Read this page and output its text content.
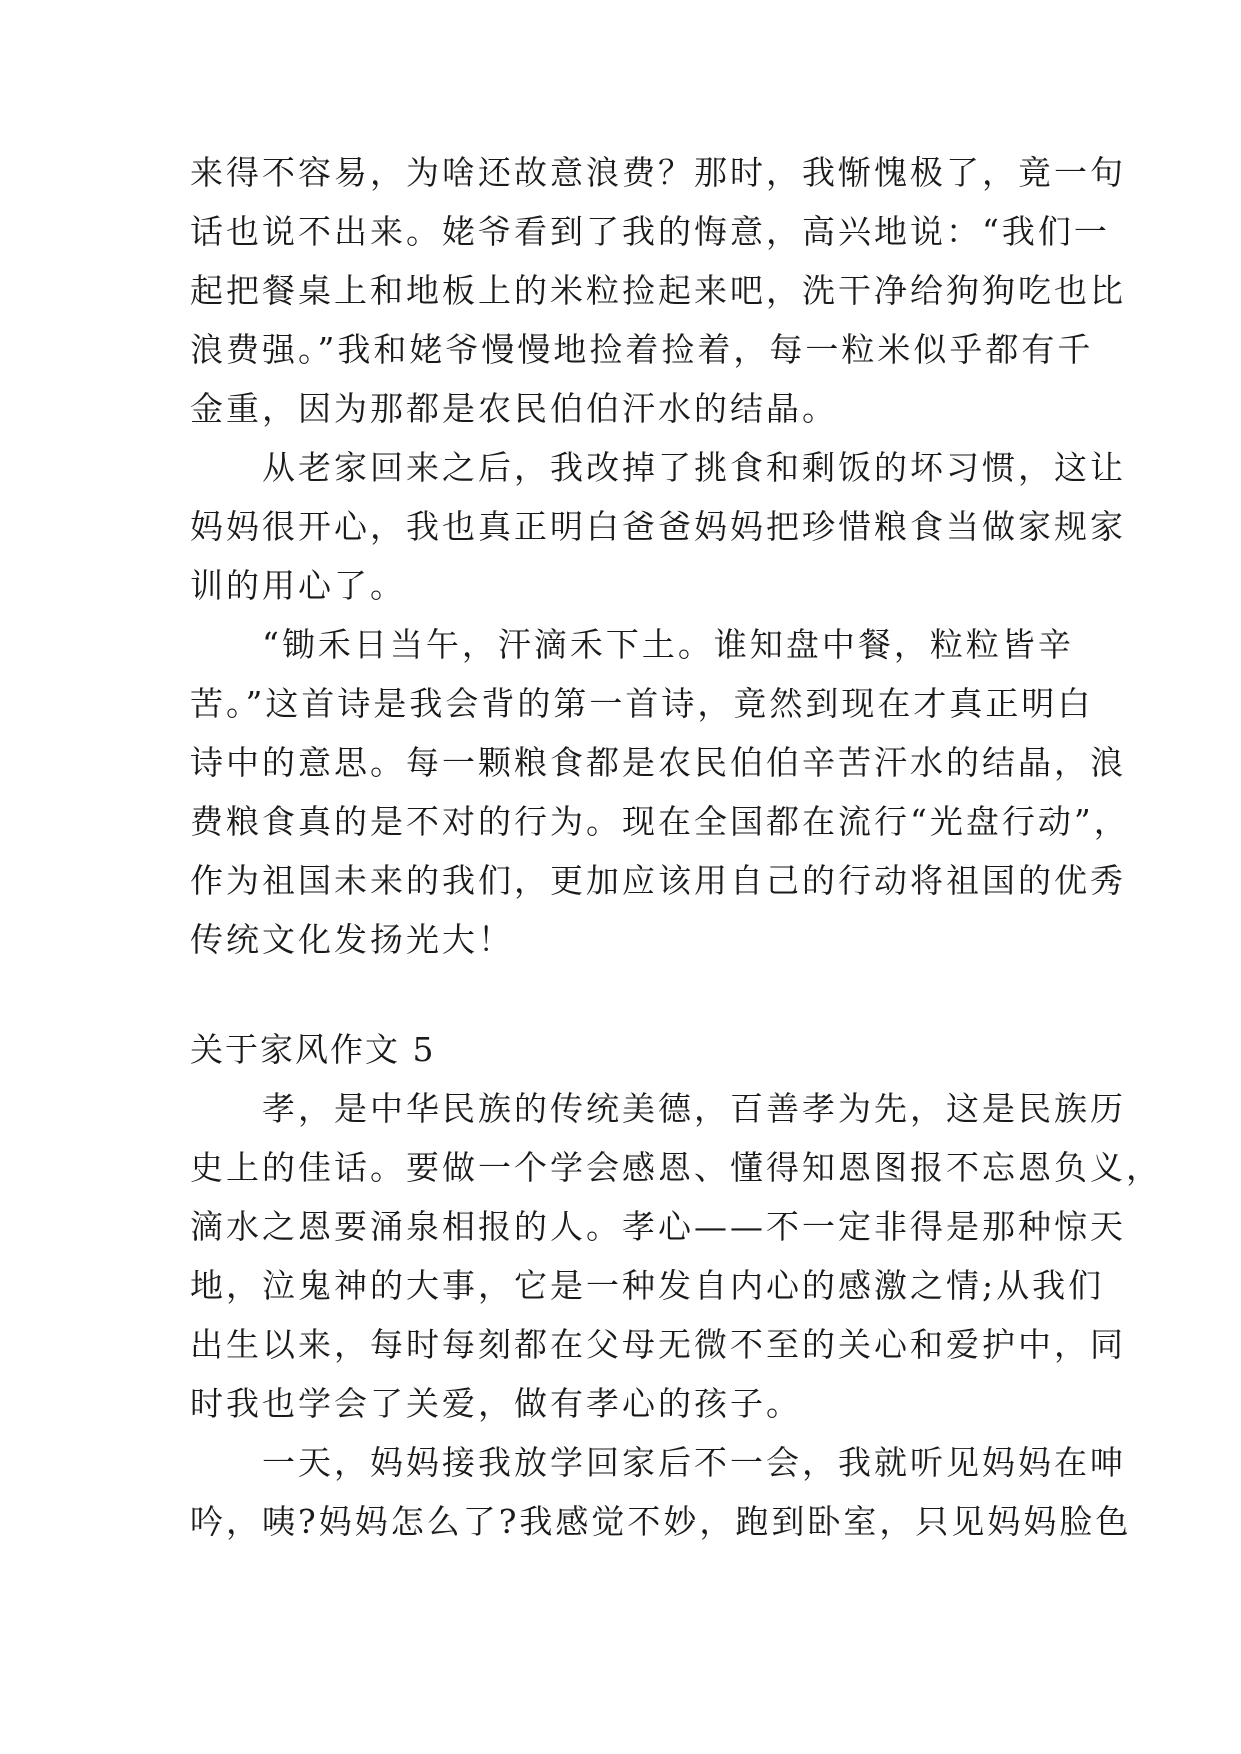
来得不容易，为啥还故意浪费？那时，我惭愧极了，竟一句
话也说不出来。姥爷看到了我的悔意，高兴地说：“我们一
起把餐桌上和地板上的米粒捡起来吧，洗干净给狗狗吃也比
浪费强。”我和姥爷慢慢地捡着捡着，每一粒米似乎都有千
金重，因为那都是农民伯伯汗水的结晶。
　　从老家回来之后，我改掉了挑食和剩饭的坏习惯，这让
妈妈很开心，我也真正明白爸爸妈妈把珍惜粮食当做家规家
训的用心了。
　　“锄禾日当午，汗滴禾下土。谁知盘中餐，粒粒皆辛
苦。”这首诗是我会背的第一首诗，竟然到现在才真正明白
诗中的意思。每一颗粮食都是农民伯伯辛苦汗水的结晶，浪
费粮食真的是不对的行为。现在全国都在流行“光盘行动”，
作为祖国未来的我们，更加应该用自己的行动将祖国的优秀
传统文化发扬光大！
关于家风作文 5
　　孝，是中华民族的传统美德，百善孝为先，这是民族历
史上的佳话。要做一个学会感恩、懂得知恩图报不忘恩负义，
滴水之恩要涌泉相报的人。孝心——不一定非得是那种惊天
地，泣鬼神的大事，它是一种发自内心的感激之情;从我们
出生以来，每时每刻都在父母无微不至的关心和爱护中，同
时我也学会了关爱，做有孝心的孩子。
　　一天，妈妈接我放学回家后不一会，我就听见妈妈在呻
吟，咦?妈妈怎么了?我感觉不妙，跑到卧室，只见妈妈脸色
